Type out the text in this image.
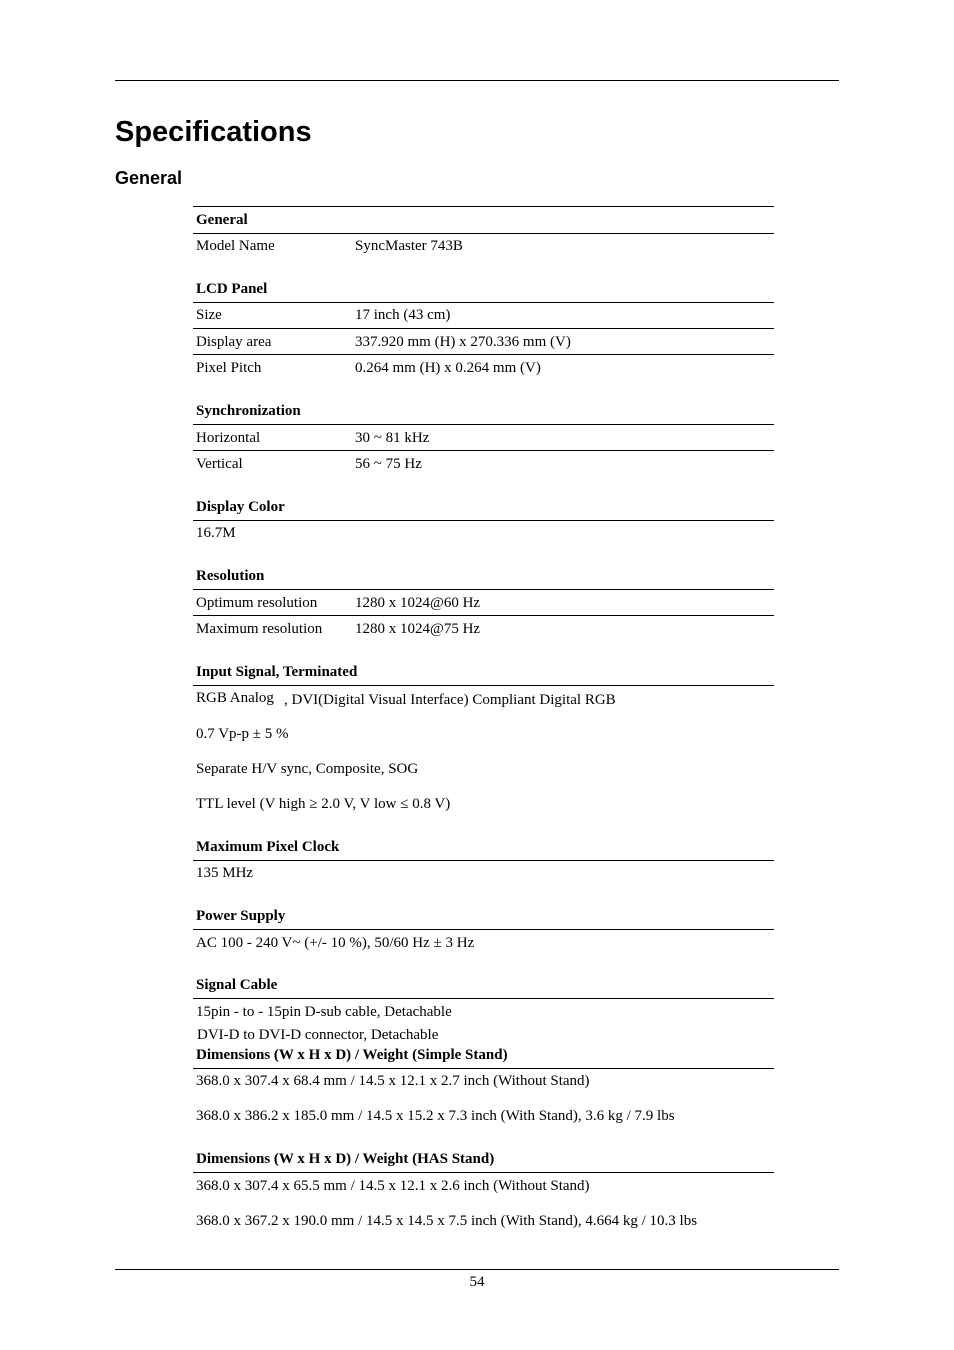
Specifications
General
General
Model Name	SyncMaster 743B
LCD Panel
Size	17 inch (43 cm)
Display area	337.920 mm (H) x 270.336 mm (V)
Pixel Pitch	0.264 mm (H) x 0.264 mm (V)
Synchronization
Horizontal	30 ~ 81 kHz
Vertical	56 ~ 75 Hz
Display Color
16.7M
Resolution
Optimum resolution	1280 x 1024@60 Hz
Maximum resolution 1280 x 1024@75 Hz
Input Signal, Terminated
RGB Analog , DVI(Digital Visual Interface) Compliant Digital RGB
0.7 Vp-p ± 5 %
Separate H/V sync, Composite, SOG
TTL level (V high ≥ 2.0 V, V low ≤ 0.8 V)
Maximum Pixel Clock
135 MHz
Power Supply
AC 100 - 240 V~ (+/- 10 %), 50/60 Hz ± 3 Hz
Signal Cable
15pin - to - 15pin D-sub cable, Detachable
DVI-D to DVI-D connector, Detachable
Dimensions (W x H x D) / Weight (Simple Stand)
368.0 x 307.4 x 68.4 mm / 14.5 x 12.1 x 2.7 inch (Without Stand)
368.0 x 386.2 x 185.0 mm / 14.5 x 15.2 x 7.3 inch (With Stand), 3.6 kg / 7.9 lbs
Dimensions (W x H x D) / Weight (HAS Stand)
368.0 x 307.4 x 65.5 mm / 14.5 x 12.1 x 2.6 inch (Without Stand)
368.0 x 367.2 x 190.0 mm / 14.5 x 14.5 x 7.5 inch (With Stand), 4.664 kg / 10.3 lbs
54
